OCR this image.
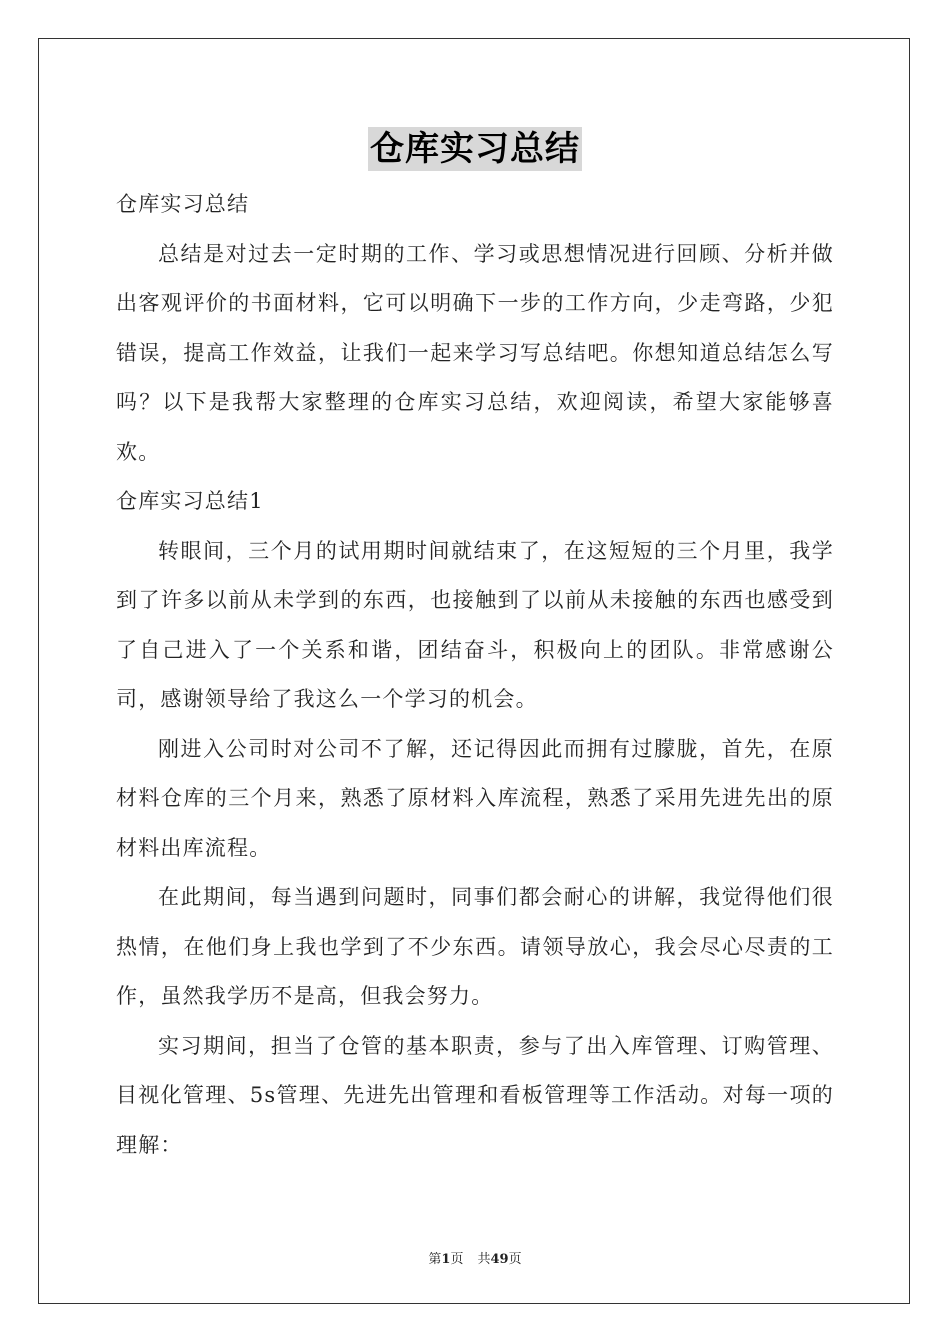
仓库实习总结

仓库实习总结

总结是对过去一定时期的工作、学习或思想情况进行回顾、分析并做出客观评价的书面材料，它可以明确下一步的工作方向，少走弯路，少犯错误，提高工作效益，让我们一起来学习写总结吧。你想知道总结怎么写吗？以下是我帮大家整理的仓库实习总结，欢迎阅读，希望大家能够喜欢。

仓库实习总结1

转眼间，三个月的试用期时间就结束了，在这短短的三个月里，我学到了许多以前从未学到的东西，也接触到了以前从未接触的东西也感受到了自己进入了一个关系和谐，团结奋斗，积极向上的团队。非常感谢公司，感谢领导给了我这么一个学习的机会。

刚进入公司时对公司不了解，还记得因此而拥有过朦胧，首先，在原材料仓库的三个月来，熟悉了原材料入库流程，熟悉了采用先进先出的原材料出库流程。

在此期间，每当遇到问题时，同事们都会耐心的讲解，我觉得他们很热情，在他们身上我也学到了不少东西。请领导放心，我会尽心尽责的工作，虽然我学历不是高，但我会努力。

实习期间，担当了仓管的基本职责，参与了出入库管理、订购管理、目视化管理、5s管理、先进先出管理和看板管理等工作活动。对每一项的理解：

第1页 共49页
